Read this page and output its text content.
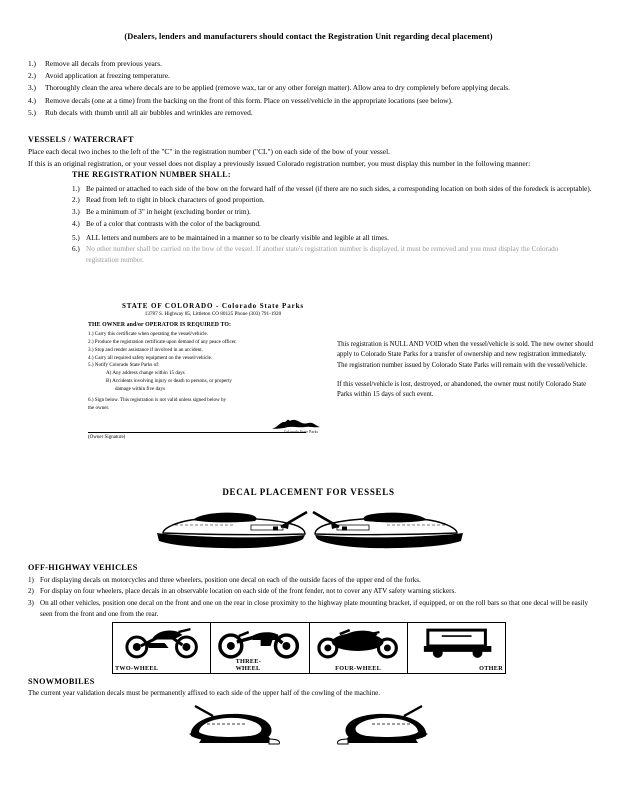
(Dealers, lenders and manufacturers should contact the Registration Unit regarding decal placement)
1.)	Remove all decals from previous years.
2.)	Avoid application at freezing temperature.
3.)	Thoroughly clean the area where decals are to be applied (remove wax, tar or any other foreign matter). Allow area to dry completely before applying decals.
4.)	Remove decals (one at a time) from the backing on the front of this form. Place on vessel/vehicle in the appropriate locations (see below).
5.)	Rub decals with thumb until all air bubbles and wrinkles are removed.

VESSELS / WATERCRAFT

Place each decal two inches to the left of the "C" in the registration number ("CL") on each side of the bow of your vessel.

If this is an original registration, or your vessel does not display a previously issued Colorado registration number, you must display this number in the following manner:

THE REGISTRATION NUMBER SHALL:
1.) Be painted or attached to each side of the bow on the forward half of the vessel (if there are no such sides, a corresponding location on both sides of the foredeck is acceptable).
2.) Read from left to right in block characters of good proportion.
3.) Be a minimum of 3" in height (excluding border or trim).
4.) Be of a color that contrasts with the color of the background.
5.) ALL letters and numbers are to be maintained in a manner so to be clearly visible and legible at all times.
6.) No other number shall be carried on the bow of the vessel. If another state's registration number is displayed, it must be removed and you must display the Colorado registration number.
STATE OF COLORADO - Colorado State Parks
13787 S. Highway 85, Littleton CO 80125 Phone (303) 791-1920
THE OWNER and/or OPERATOR IS REQUIRED TO:
1.) Carry this certificate when operating the vessel/vehicle.
2.) Produce the registration certificate upon demand of any peace officer.
3.) Stop and render assistance if involved in an accident.
4.) Carry all required safety equipment on the vessel/vehicle.
5.) Notify Colorado State Parks of:
A) Any address change within 15 days
B) Accidents involving injury or death to persons, or property
damage within five days
6.) Sign below. This registration is not valid unless signed below by
the owner.
(Owner Signature)
Colorado State Parks

This registration is NULL AND VOID when the vessel/vehicle is sold. The new owner should apply to Colorado State Parks for a transfer of ownership and new registration immediately. The registration number issued by Colorado State Parks will remain with the vessel/vehicle.

If this vessel/vehicle is lost, destroyed, or abandoned, the owner must notify Colorado State Parks within 15 days of such event.

DECAL PLACEMENT FOR VESSELS
OFF-HIGHWAY VEHICLES
1) For displaying decals on motorcycles and three wheelers, position one decal on each of the outside faces of the upper end of the forks.
2) For display on four wheelers, place decals in an observable location on each side of the front fender, not to cover any ATV safety warning stickers.
3) On all other vehicles, position one decal on the front and one on the rear in close proximity to the highway plate mounting bracket, if equipped, or on the roll bars so that one decal will be easily seen from the front and one from the rear.
TWO-WHEEL
THREE-WHEEL	FOUR-WHEEL	OTHER
SNOWMOBILES
The current year validation decals must be permanently affixed to each side of the upper half of the cowling of the machine.
